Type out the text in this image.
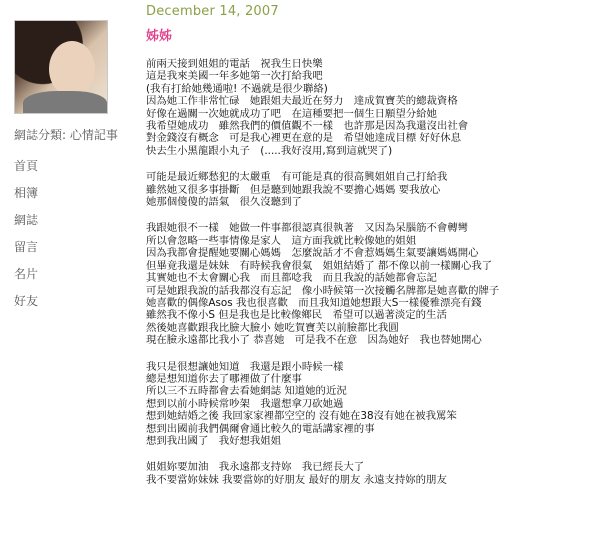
網誌分類: 心情記事
首頁
相簿
網誌
留言
名片
好友
December 14, 2007
姊姊
前兩天接到姐姐的電話　祝我生日快樂
這是我來美國一年多她第一次打給我吧
(我有打給她幾通啦! 不過就是很少聯絡)
因為她工作非常忙碌　她跟姐夫最近在努力　達成賀寶芙的總裁資格
好像在過關一次她就成功了吧　在這種要把一個生日願望分給她
我希望她成功　雖然我們的價值觀不一樣　也許那是因為我還沒出社會
對金錢沒有概念　可是我心裡更在意的是　希望她達成目標 好好休息
快去生小黑龍跟小丸子　(.....我好沒用,寫到這就哭了)
可能是最近鄉愁犯的太嚴重　有可能是真的很高興姐姐自己打給我
雖然她又很多事掛斷　但是聽到她跟我說不要擔心媽媽 要我放心
她那個傻傻的語氣　很久沒聽到了
我跟她很不一樣　她做一件事都很認真很執著　又因為呆腦筋不會轉彎
所以會忽略一些事情像是家人　這方面我就比較像她的姐姐
因為我都會提醒她要關心媽媽　怎麼說話才不會惹媽媽生氣要讓媽媽開心
但畢竟我還是妹妹　有時候我會很氣　姐姐結婚了 都不像以前一樣關心我了
其實她也不太會關心我　而且都唸我　而且我說的話她都會忘記
可是她跟我說的話我都沒有忘記　像小時候第一次接觸名牌都是她喜歡的牌子
她喜歡的偶像Asos 我也很喜歡　而且我知道她想跟大S一樣優雅漂亮有錢
雖然我不像小S 但是我也是比較像鄉民　希望可以過著淡定的生活
然後她喜歡跟我比臉大臉小 她吃賀寶芙以前臉都比我圓
現在臉永遠都比我小了 恭喜她　可是我不在意　因為她好　我也替她開心
我只是很想讓她知道　我還是跟小時候一樣
總是想知道你去了哪裡做了什麼事
所以三不五時都會去看她網誌 知道她的近況
想到以前小時候常吵架　我還想拿刀砍她過
想到她結婚之後 我回家家裡都空空的 沒有她在38沒有她在被我罵笨
想到出國前我們偶爾會通比較久的電話講家裡的事
想到我出國了　我好想我姐姐
姐姐妳要加油　我永遠都支持妳　我已經長大了
我不要當妳妹妹 我要當妳的好朋友 最好的朋友 永遠支持妳的朋友
